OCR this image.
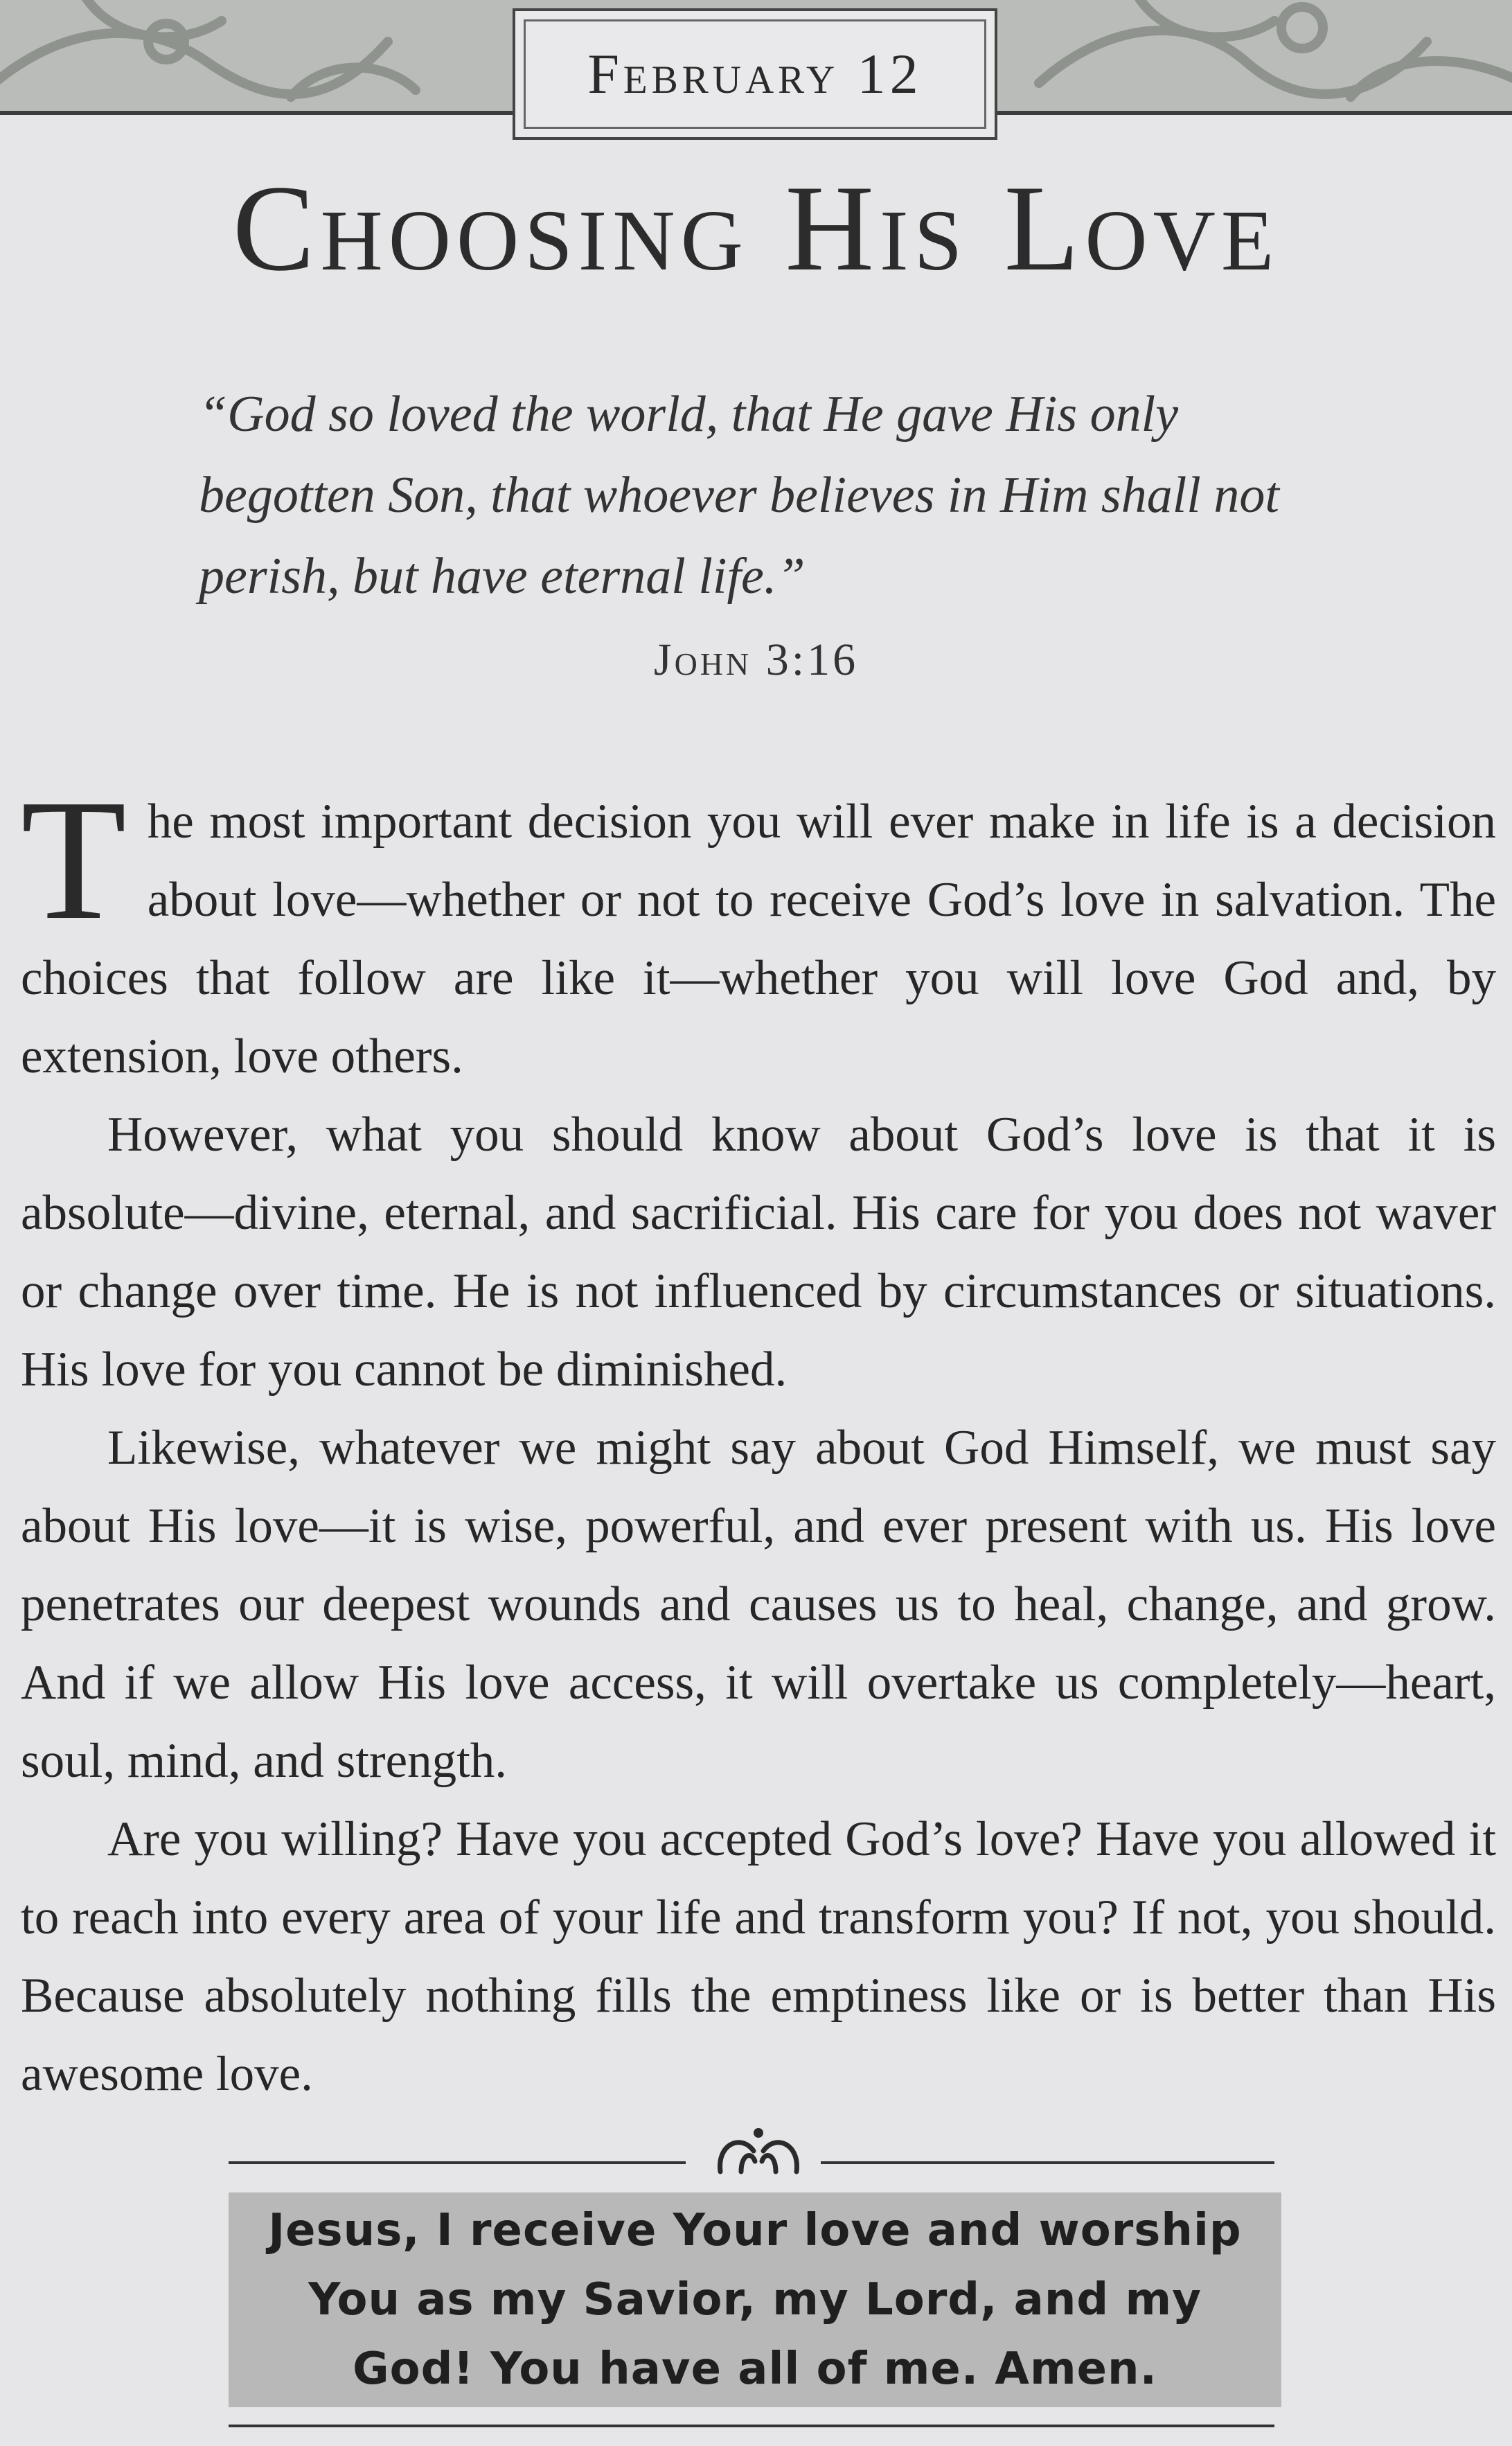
February 12
Choosing His Love
“God so loved the world, that He gave His only begotten Son, that whoever believes in Him shall not perish, but have eternal life.”
John 3:16

The most important decision you will ever make in life is a decision about love—whether or not to receive God’s love in salvation. The choices that follow are like it—whether you will love God and, by extension, love others.

However, what you should know about God’s love is that it is absolute—divine, eternal, and sacrificial. His care for you does not waver or change over time. He is not influenced by circumstances or situations. His love for you cannot be diminished.

Likewise, whatever we might say about God Himself, we must say about His love—it is wise, powerful, and ever present with us. His love penetrates our deepest wounds and causes us to heal, change, and grow. And if we allow His love access, it will overtake us completely—heart, soul, mind, and strength.

Are you willing? Have you accepted God’s love? Have you allowed it to reach into every area of your life and transform you? If not, you should. Because absolutely nothing fills the emptiness like or is better than His awesome love.

Jesus, I receive Your love and worship
You as my Savior, my Lord, and my
God! You have all of me. Amen.
